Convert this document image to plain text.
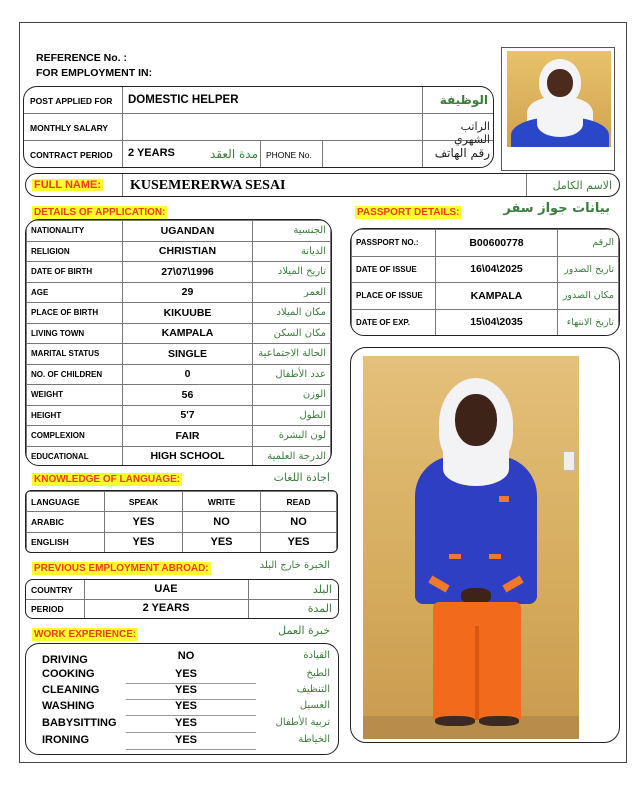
REFERENCE No. :
FOR EMPLOYMENT IN:
POST APPLIED FOR DOMESTIC HELPER	الوظيفة
MONTHLY SALARY	الراتب الشهري
CONTRACT PERIOD 2 YEARS	مدة العقد PHONE No.	رقم الهاتف
FULL NAME: KUSEMERERWA SESAI	الاسم الكامل
DETAILS OF APPLICATION:
NATIONALITY	UGANDAN	الجنسية
RELIGION	CHRISTIAN	الديانة
DATE OF BIRTH	27\07\1996	تاريخ الميلاد
AGE	29	العمر
PLACE OF BIRTH	KIKUUBE	مكان الميلاد
LIVING TOWN	KAMPALA	مكان السكن
MARITAL STATUS	SINGLE	الحالة الاجتماعية
NO. OF CHILDREN	0	عدد الأطفال
WEIGHT	56	الوزن
HEIGHT	5'7	الطول
COMPLEXION	FAIR	لون البشرة
EDUCATIONAL	HIGH SCHOOL	الدرجة العلمية
PASSPORT DETAILS:	بيانات جواز سفر
PASSPORT NO.:	B00600778	الرقم
DATE OF ISSUE	16\04\2025	تاريخ الصدور
PLACE OF ISSUE	KAMPALA	مكان الصدور
DATE OF EXP.	15\04\2035	تاريخ الانتهاء
KNOWLEDGE OF LANGUAGE:	اجادة اللغات
LANGUAGE	SPEAK	WRITE	READ
ARABIC	YES	NO	NO
ENGLISH	YES	YES	YES
PREVIOUS EMPLOYMENT ABROAD:	الخبرة خارج البلد
COUNTRY	UAE	البلد
PERIOD	2 YEARS	المدة
WORK EXPERIENCE:	خبرة العمل
DRIVING	NO	القيادة
COOKING	YES	الطبخ
CLEANING	YES	التنظيف
WASHING	YES	الغسيل
BABYSITTING	YES	تربية الأطفال
IRONING	YES	الخياطة
